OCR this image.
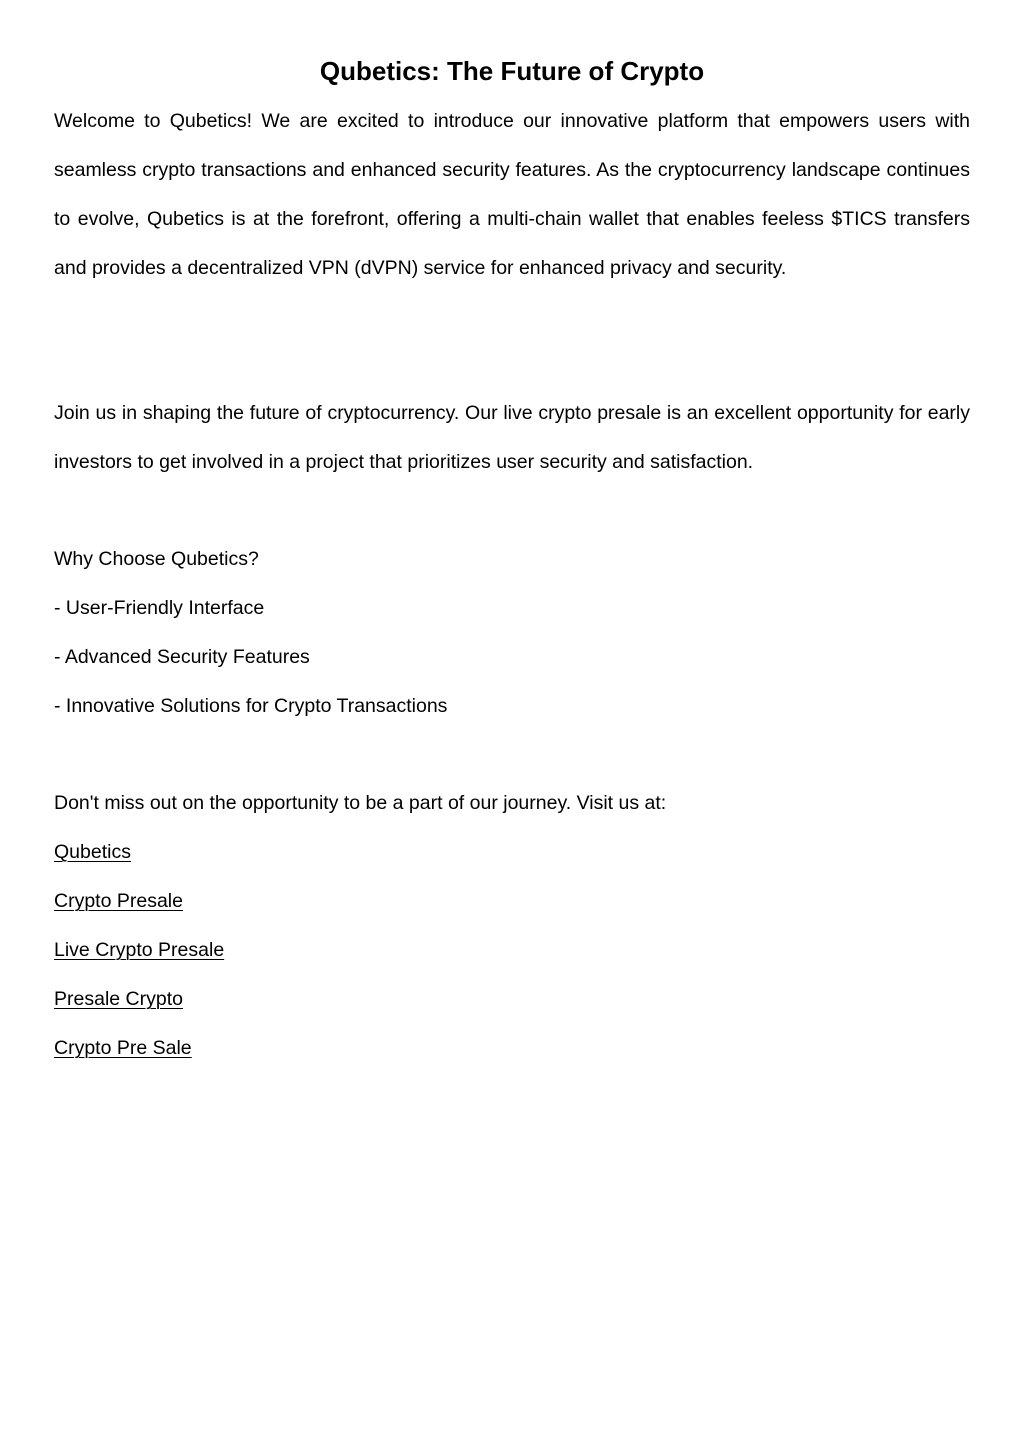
Qubetics: The Future of Crypto

Welcome to Qubetics! We are excited to introduce our innovative platform that empowers users with seamless crypto transactions and enhanced security features. As the cryptocurrency landscape continues to evolve, Qubetics is at the forefront, offering a multi-chain wallet that enables feeless $TICS transfers and provides a decentralized VPN (dVPN) service for enhanced privacy and security.

Join us in shaping the future of cryptocurrency. Our live crypto presale is an excellent opportunity for early investors to get involved in a project that prioritizes user security and satisfaction.

Why Choose Qubetics?

- User-Friendly Interface

- Advanced Security Features

- Innovative Solutions for Crypto Transactions

Don't miss out on the opportunity to be a part of our journey. Visit us at:

Qubetics
Crypto Presale
Live Crypto Presale
Presale Crypto
Crypto Pre Sale
